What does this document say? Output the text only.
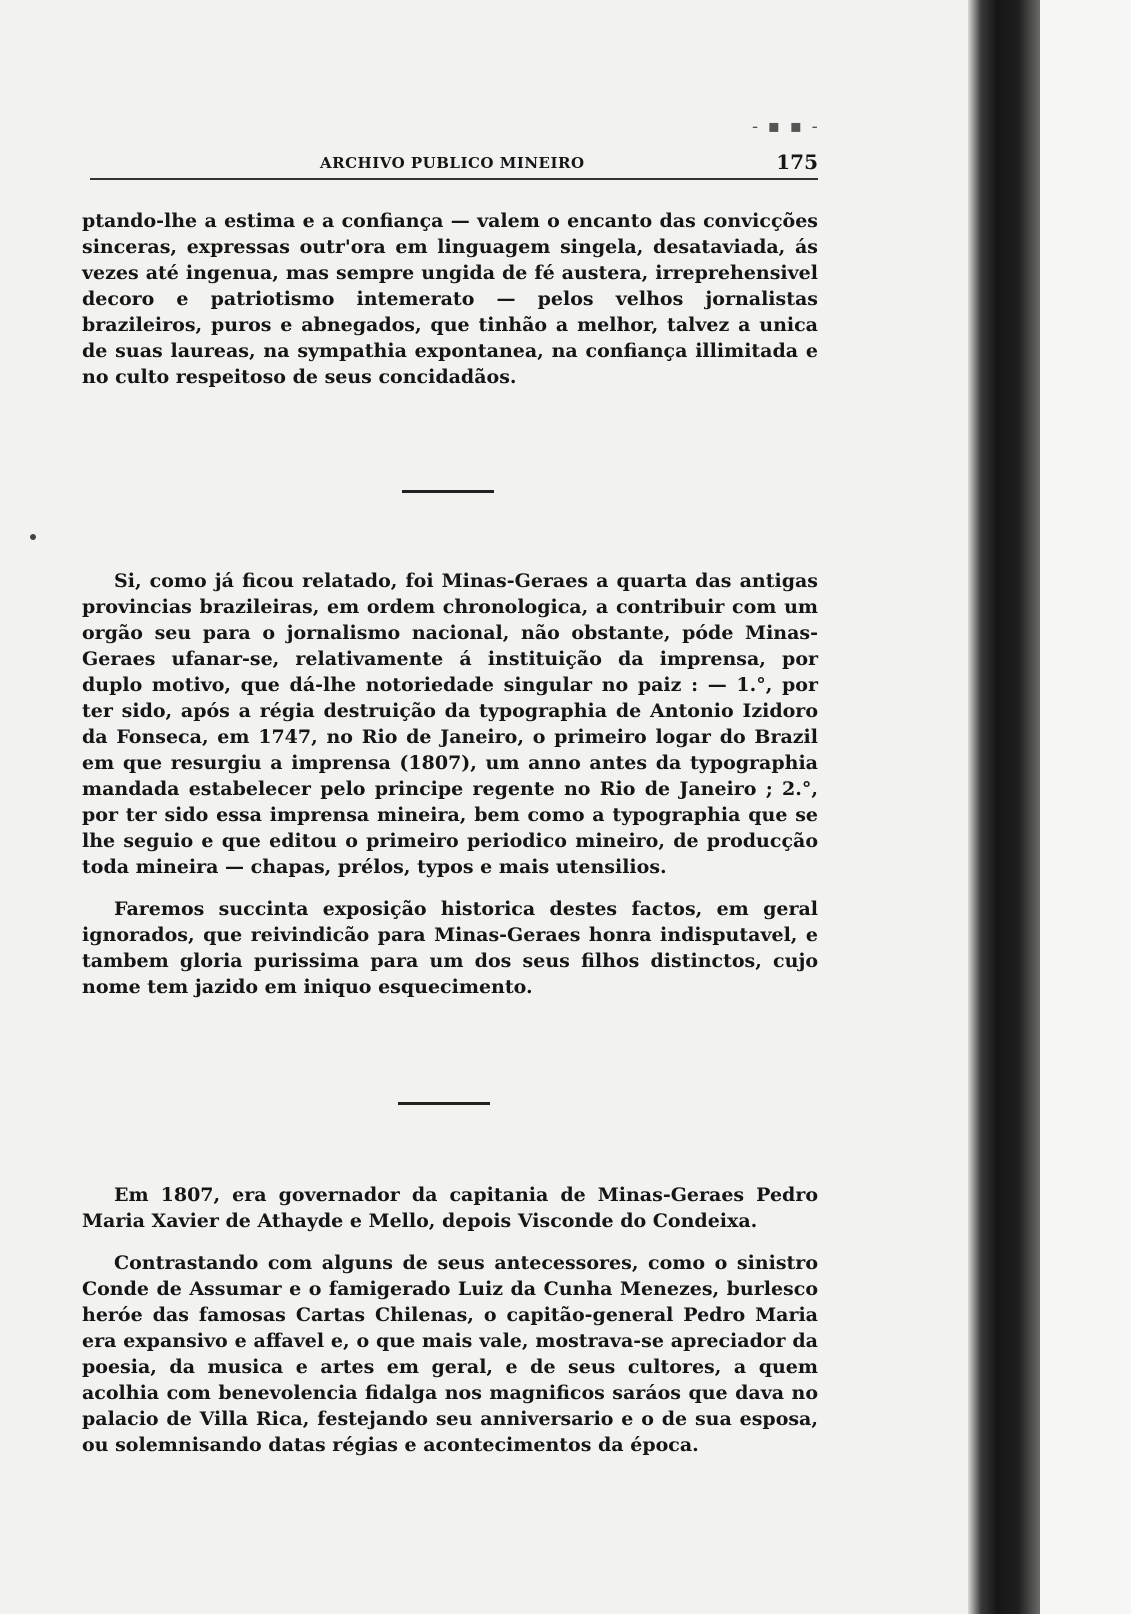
- ▪ ▪ -
ARCHIVO PUBLICO MINEIRO	175

ptando-lhe a estima e a confiança — valem o encanto das convicções sinceras, expressas outr'ora em linguagem singela, desataviada, ás vezes até ingenua, mas sempre ungida de fé austera, irreprehensivel decoro e patriotismo intemerato — pelos velhos jornalistas brazileiros, puros e abnegados, que tinhão a melhor, talvez a unica de suas laureas, na sympathia expontanea, na confiança illimitada e no culto respeitoso de seus concidadãos.

Si, como já ficou relatado, foi Minas-Geraes a quarta das antigas provincias brazileiras, em ordem chronologica, a contribuir com um orgão seu para o jornalismo nacional, não obstante, póde Minas-Geraes ufanar-se, relativamente á instituição da imprensa, por duplo motivo, que dá-lhe notoriedade singular no paiz : — 1.°, por ter sido, após a régia destruição da typographia de Antonio Izidoro da Fonseca, em 1747, no Rio de Janeiro, o primeiro logar do Brazil em que resurgiu a imprensa (1807), um anno antes da typographia mandada estabelecer pelo principe regente no Rio de Janeiro ; 2.°, por ter sido essa imprensa mineira, bem como a typographia que se lhe seguio e que editou o primeiro periodico mineiro, de producção toda mineira — chapas, prélos, typos e mais utensilios.

Faremos succinta exposição historica destes factos, em geral ignorados, que reivindicão para Minas-Geraes honra indisputavel, e tambem gloria purissima para um dos seus filhos distinctos, cujo nome tem jazido em iniquo esquecimento.

Em 1807, era governador da capitania de Minas-Geraes Pedro Maria Xavier de Athayde e Mello, depois Visconde do Condeixa.

Contrastando com alguns de seus antecessores, como o sinistro Conde de Assumar e o famigerado Luiz da Cunha Menezes, burlesco heróe das famosas Cartas Chilenas, o capitão-general Pedro Maria era expansivo e affavel e, o que mais vale, mostrava-se apreciador da poesia, da musica e artes em geral, e de seus cultores, a quem acolhia com benevolencia fidalga nos magnificos saráos que dava no palacio de Villa Rica, festejando seu anniversario e o de sua esposa, ou solemnisando datas régias e acontecimentos da época.
